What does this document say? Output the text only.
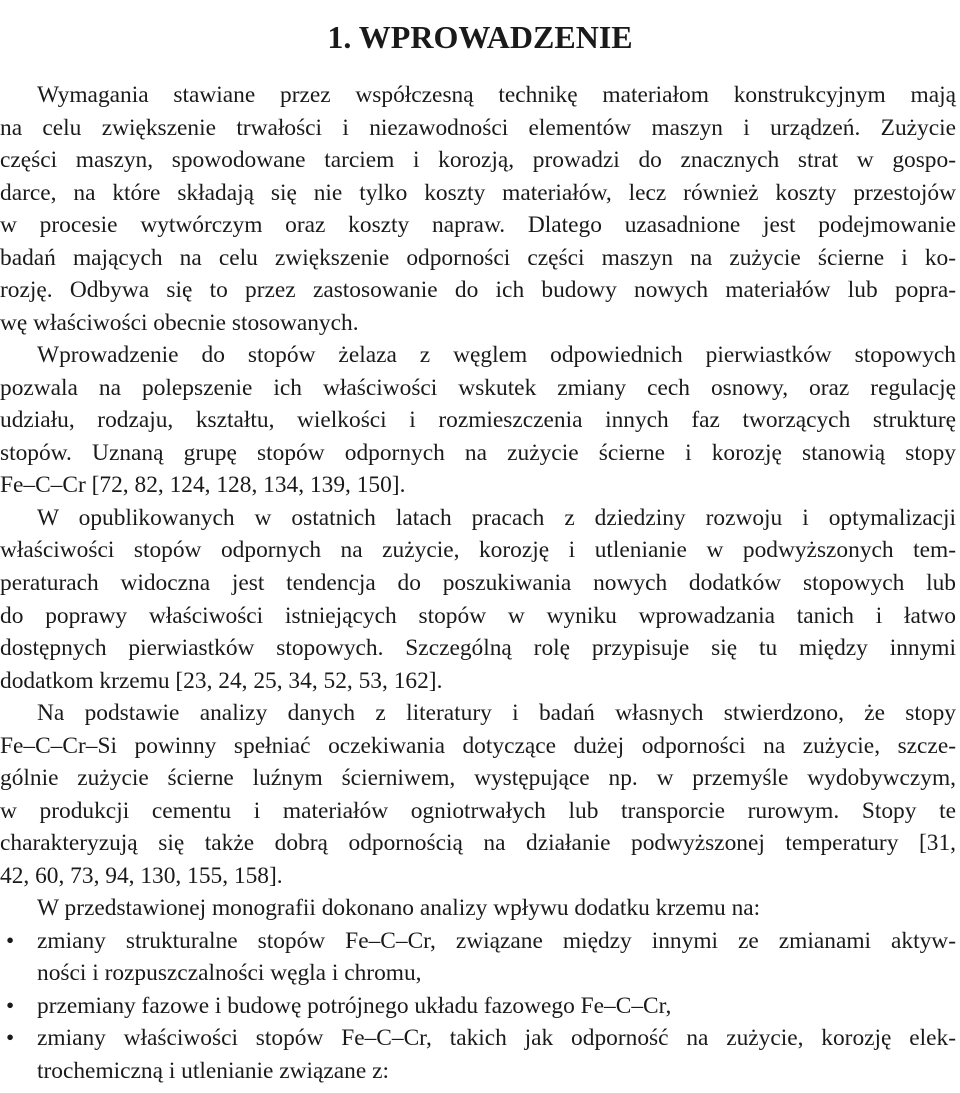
1. WPROWADZENIE
Wymagania stawiane przez współczesną technikę materiałom konstrukcyjnym mają
na celu zwiększenie trwałości i niezawodności elementów maszyn i urządzeń. Zużycie
części maszyn, spowodowane tarciem i korozją, prowadzi do znacznych strat w gospo-
darce, na które składają się nie tylko koszty materiałów, lecz również koszty przestojów
w procesie wytwórczym oraz koszty napraw. Dlatego uzasadnione jest podejmowanie
badań mających na celu zwiększenie odporności części maszyn na zużycie ścierne i ko-
rozję. Odbywa się to przez zastosowanie do ich budowy nowych materiałów lub popra-
wę właściwości obecnie stosowanych.
Wprowadzenie do stopów żelaza z węglem odpowiednich pierwiastków stopowych
pozwala na polepszenie ich właściwości wskutek zmiany cech osnowy, oraz regulację
udziału, rodzaju, kształtu, wielkości i rozmieszczenia innych faz tworzących strukturę
stopów. Uznaną grupę stopów odpornych na zużycie ścierne i korozję stanowią stopy
Fe–C–Cr [72, 82, 124, 128, 134, 139, 150].
W opublikowanych w ostatnich latach pracach z dziedziny rozwoju i optymalizacji
właściwości stopów odpornych na zużycie, korozję i utlenianie w podwyższonych tem-
peraturach widoczna jest tendencja do poszukiwania nowych dodatków stopowych lub
do poprawy właściwości istniejących stopów w wyniku wprowadzania tanich i łatwo
dostępnych pierwiastków stopowych. Szczególną rolę przypisuje się tu między innymi
dodatkom krzemu [23, 24, 25, 34, 52, 53, 162].
Na podstawie analizy danych z literatury i badań własnych stwierdzono, że stopy
Fe–C–Cr–Si powinny spełniać oczekiwania dotyczące dużej odporności na zużycie, szcze-
gólnie zużycie ścierne luźnym ścierniwem, występujące np. w przemyśle wydobywczym,
w produkcji cementu i materiałów ogniotrwałych lub transporcie rurowym. Stopy te
charakteryzują się także dobrą odpornością na działanie podwyższonej temperatury [31,
42, 60, 73, 94, 130, 155, 158].
W przedstawionej monografii dokonano analizy wpływu dodatku krzemu na:
• zmiany strukturalne stopów Fe–C–Cr, związane między innymi ze zmianami aktyw-
ności i rozpuszczalności węgla i chromu,
• przemiany fazowe i budowę potrójnego układu fazowego Fe–C–Cr,
• zmiany właściwości stopów Fe–C–Cr, takich jak odporność na zużycie, korozję elek-
trochemiczną i utlenianie związane z:
